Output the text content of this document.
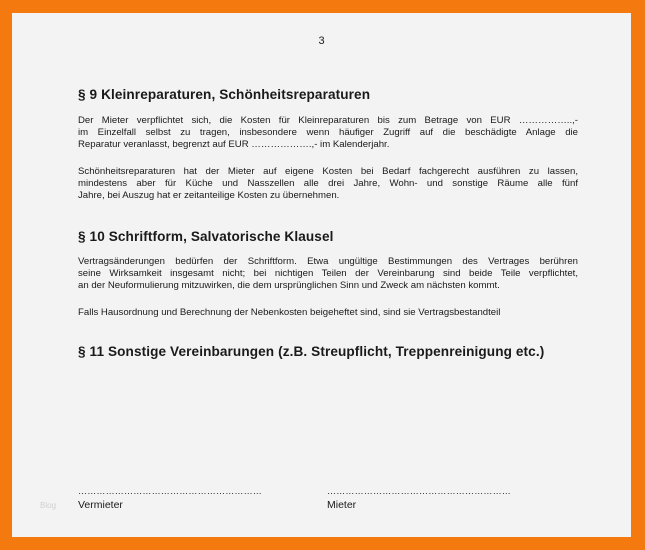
3
§ 9 Kleinreparaturen, Schönheitsreparaturen

Der Mieter verpflichtet sich, die Kosten für Kleinreparaturen bis zum Betrage von EUR ……………..,-
im Einzelfall selbst zu tragen, insbesondere wenn häufiger Zugriff auf die beschädigte Anlage die
Reparatur veranlasst, begrenzt auf EUR ……………….,- im Kalenderjahr.

Schönheitsreparaturen hat der Mieter auf eigene Kosten bei Bedarf fachgerecht ausführen zu lassen,
mindestens aber für Küche und Nasszellen alle drei Jahre, Wohn- und sonstige Räume alle fünf
Jahre, bei Auszug hat er zeitanteilige Kosten zu übernehmen.

§ 10 Schriftform, Salvatorische Klausel

Vertragsänderungen bedürfen der Schriftform. Etwa ungültige Bestimmungen des Vertrages berühren
seine Wirksamkeit insgesamt nicht; bei nichtigen Teilen der Vereinbarung sind beide Teile verpflichtet,
an der Neuformulierung mitzuwirken, die dem ursprünglichen Sinn und Zweck am nächsten kommt.

Falls Hausordnung und Berechnung der Nebenkosten beigeheftet sind, sind sie Vertragsbestandteil

§ 11 Sonstige Vereinbarungen (z.B. Streupflicht, Treppenreinigung etc.)
Blog
……………………………………………………
Vermieter
……………………………………………………
Mieter
